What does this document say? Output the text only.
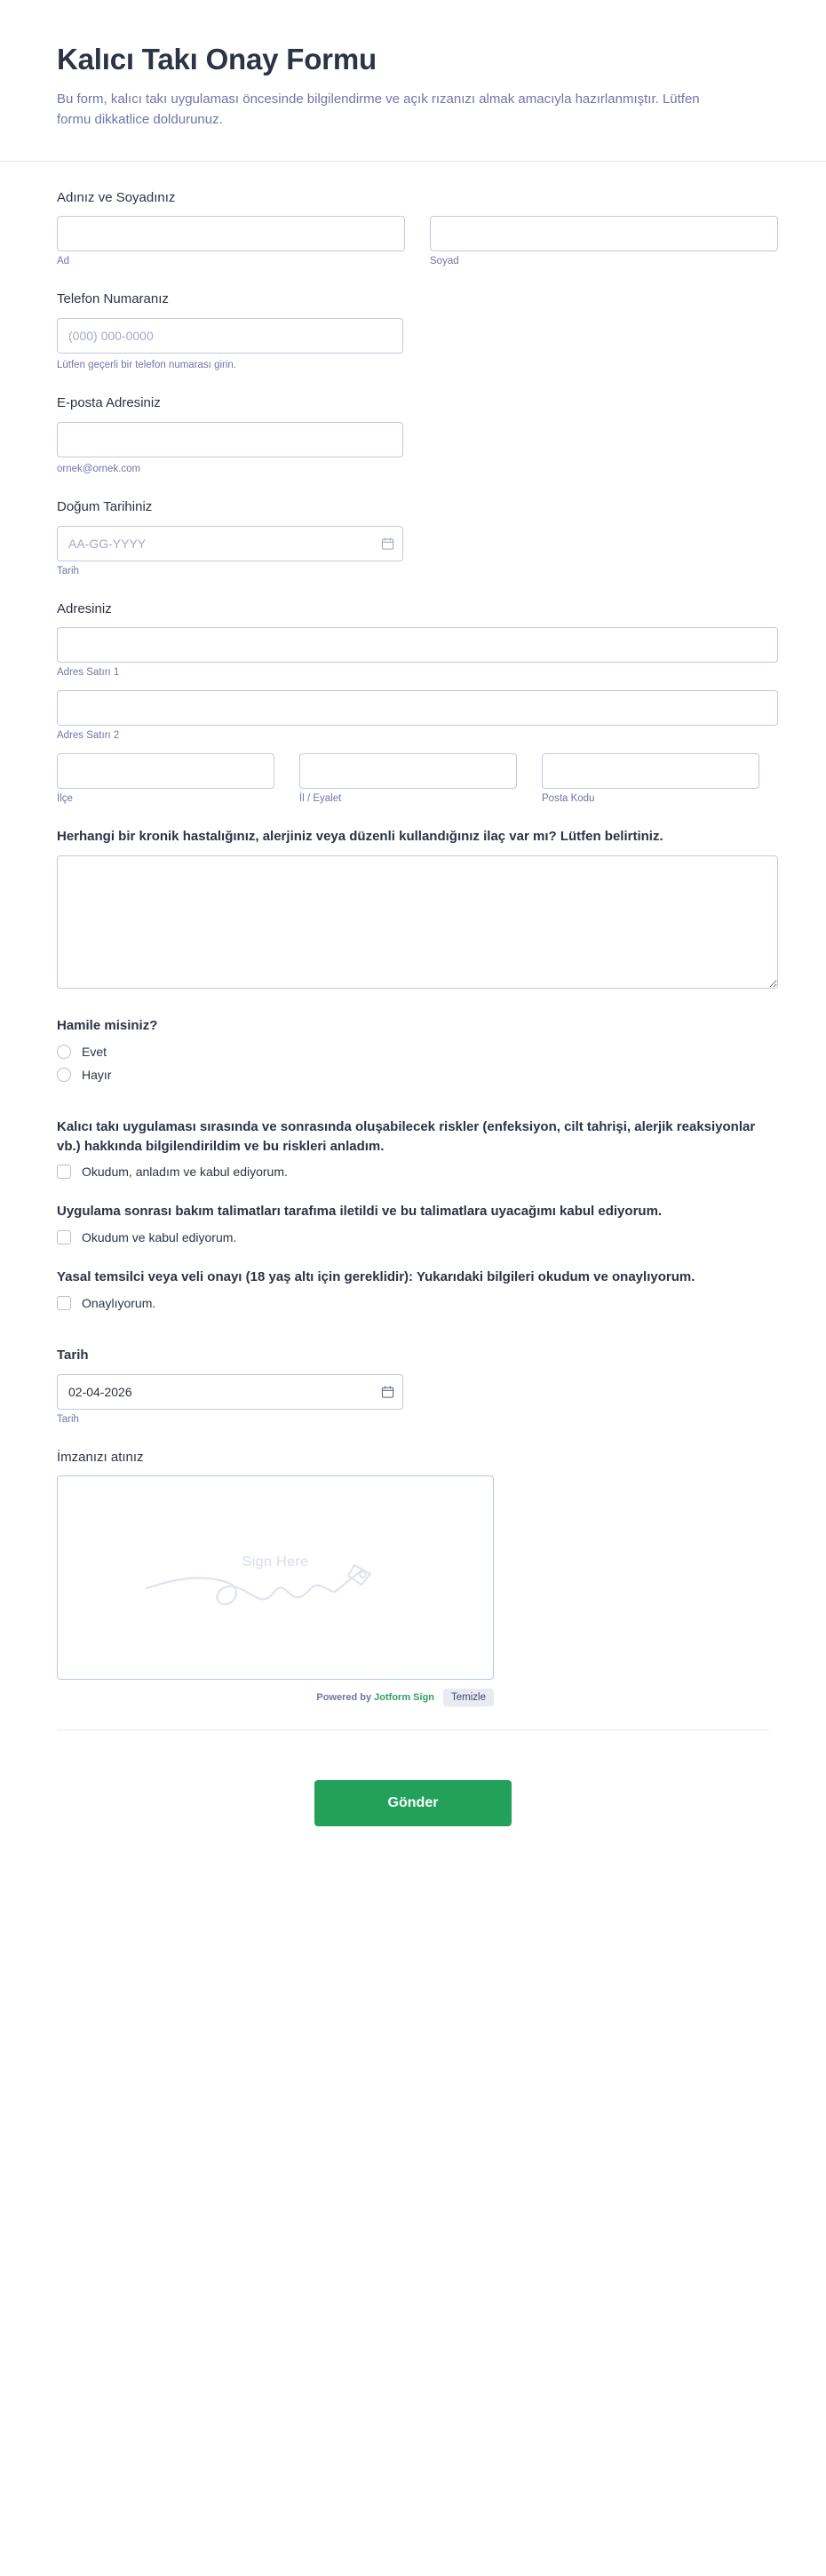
Kalıcı Takı Onay Formu

Bu form, kalıcı takı uygulaması öncesinde bilgilendirme ve açık rızanızı almak amacıyla hazırlanmıştır. Lütfen formu dikkatlice doldurunuz.

Adınız ve Soyadınız
Ad	Soyad
Telefon Numaranız
(000) 000-0000
Lütfen geçerli bir telefon numarası girin.
E-posta Adresiniz
ornek@ornek.com
Doğum Tarihiniz
AA-GG-YYYY
Tarih
Adresiniz
Adres Satırı 1
Adres Satırı 2
İlçe	İl / Eyalet	Posta Kodu
Herhangi bir kronik hastalığınız, alerjiniz veya düzenli kullandığınız ilaç var mı? Lütfen belirtiniz.
Hamile misiniz?
Evet
Hayır
Kalıcı takı uygulaması sırasında ve sonrasında oluşabilecek riskler (enfeksiyon, cilt tahrişi, alerjik reaksiyonlar vb.) hakkında bilgilendirildim ve bu riskleri anladım.
Okudum, anladım ve kabul ediyorum.
Uygulama sonrası bakım talimatları tarafıma iletildi ve bu talimatlara uyacağımı kabul ediyorum.
Okudum ve kabul ediyorum.
Yasal temsilci veya veli onayı (18 yaş altı için gereklidir): Yukarıdaki bilgileri okudum ve onaylıyorum.
Onaylıyorum.
Tarih
02-04-2026
Tarih
İmzanızı atınız
Sign Here
Powered by Jotform Sign	Temizle
Gönder
